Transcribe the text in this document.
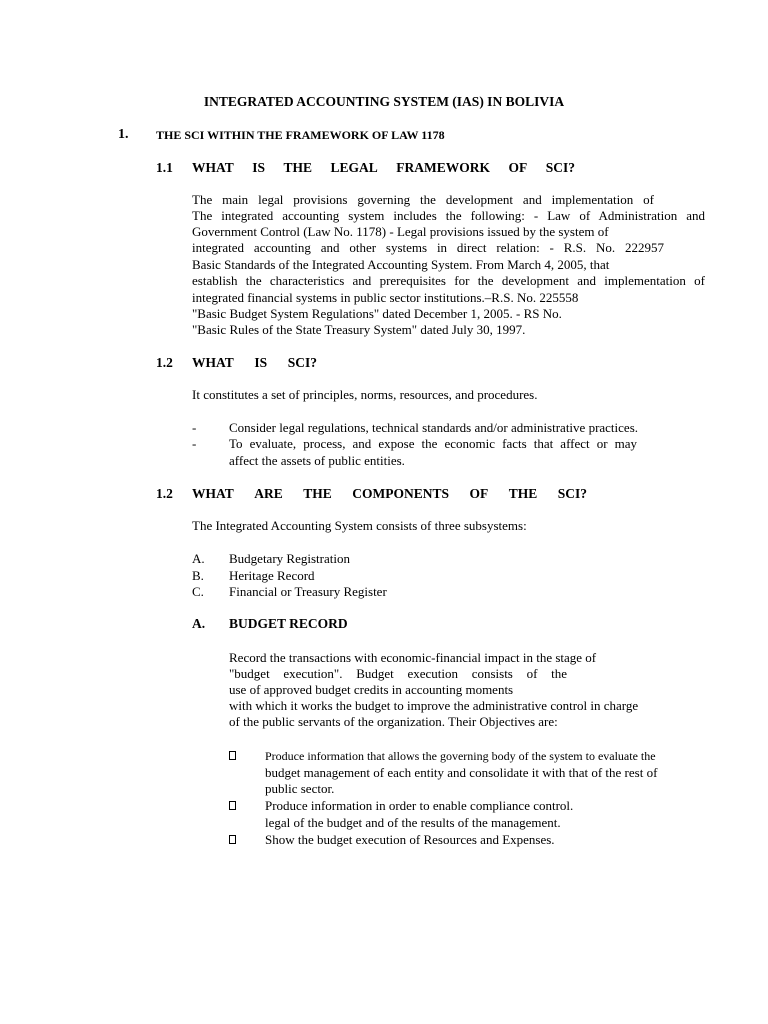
INTEGRATED ACCOUNTING SYSTEM (IAS) IN BOLIVIA
1. THE SCI WITHIN THE FRAMEWORK OF LAW 1178
1.1 WHAT IS THE LEGAL FRAMEWORK OF SCI?
The main legal provisions governing the development and implementation of
The integrated accounting system includes the following: - Law of Administration and
Government Control (Law No. 1178) - Legal provisions issued by the system of
integrated accounting and other systems in direct relation: - R.S. No. 222957
Basic Standards of the Integrated Accounting System. From March 4, 2005, that
establish the characteristics and prerequisites for the development and implementation of
integrated financial systems in public sector institutions.–R.S. No. 225558
"Basic Budget System Regulations" dated December 1, 2005. - RS No.
"Basic Rules of the State Treasury System" dated July 30, 1997.
1.2 WHAT IS SCI?
It constitutes a set of principles, norms, resources, and procedures.
-	Consider legal regulations, technical standards and/or administrative practices.
-	To evaluate, process, and expose the economic facts that affect or may
affect the assets of public entities.
1.2 WHAT ARE THE COMPONENTS OF THE SCI?
The Integrated Accounting System consists of three subsystems:
A. Budgetary Registration
B. Heritage Record
C. Financial or Treasury Register
A. BUDGET RECORD
Record the transactions with economic-financial impact in the stage of
"budget execution". Budget execution consists of the
use of approved budget credits in accounting moments
with which it works the budget to improve the administrative control in charge
of the public servants of the organization. Their Objectives are:
Produce information that allows the governing body of the system to evaluate the
budget management of each entity and consolidate it with that of the rest of
public sector.
Produce information in order to enable compliance control.
legal of the budget and of the results of the management.
Show the budget execution of Resources and Expenses.
